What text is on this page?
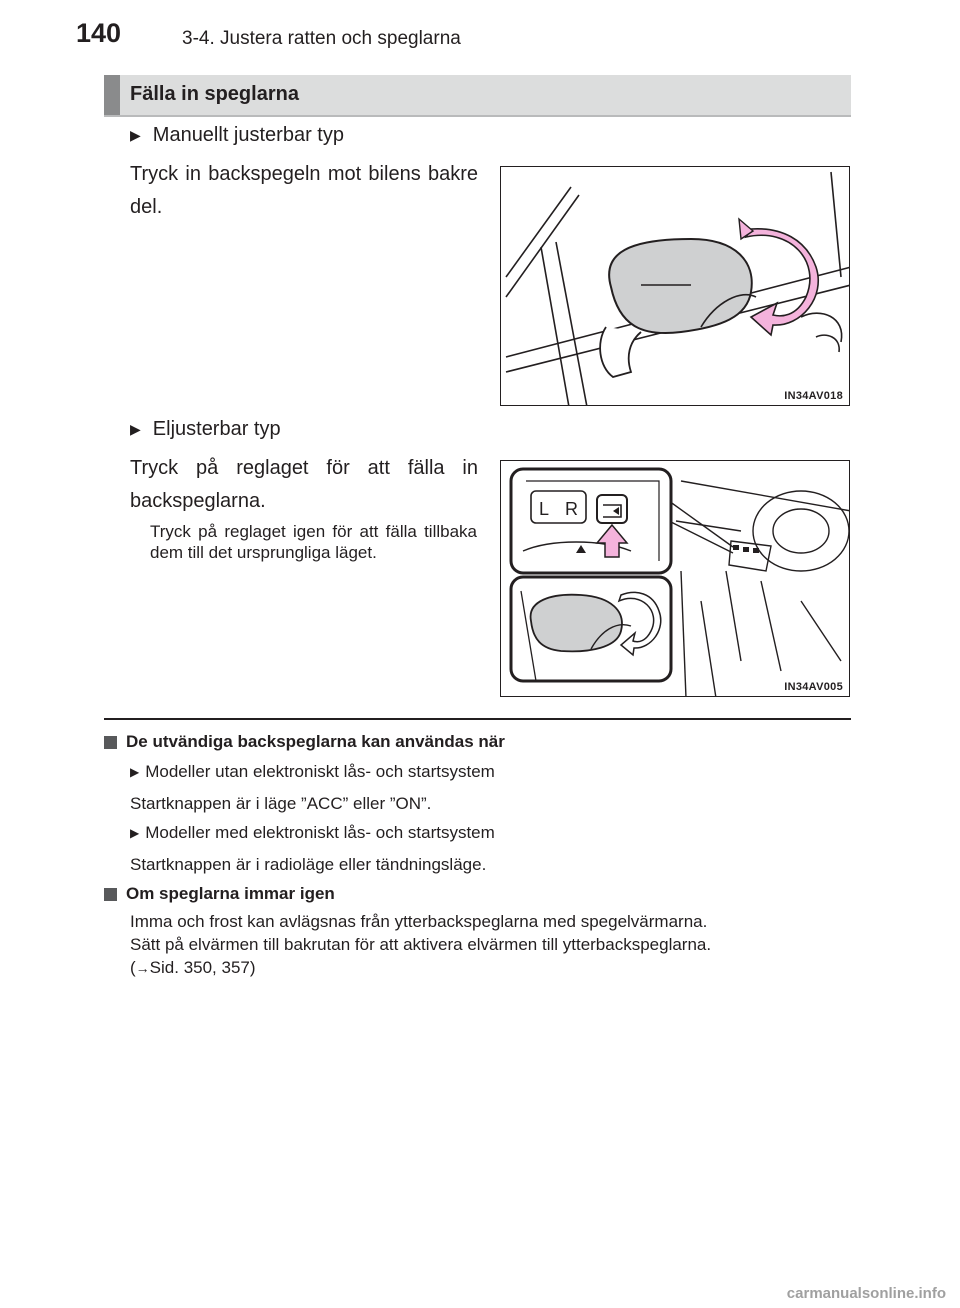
140	3-4. Justera ratten och speglarna
Fälla in speglarna
▶ Manuellt justerbar typ
Tryck in backspegeln mot bilens bakre del.
IN34AV018
▶ Eljusterbar typ
Tryck på reglaget för att fälla in backspeglarna.
Tryck på reglaget igen för att fälla tillbaka dem till det ursprungliga läget.
L R
IN34AV005
De utvändiga backspeglarna kan användas när
▶ Modeller utan elektroniskt lås- och startsystem
Startknappen är i läge ”ACC” eller ”ON”.
▶ Modeller med elektroniskt lås- och startsystem
Startknappen är i radioläge eller tändningsläge.
Om speglarna immar igen
Imma och frost kan avlägsnas från ytterbackspeglarna med spegelvärmarna.
Sätt på elvärmen till bakrutan för att aktivera elvärmen till ytterbackspeglarna.
(→Sid. 350, 357)
carmanualsonline.info
